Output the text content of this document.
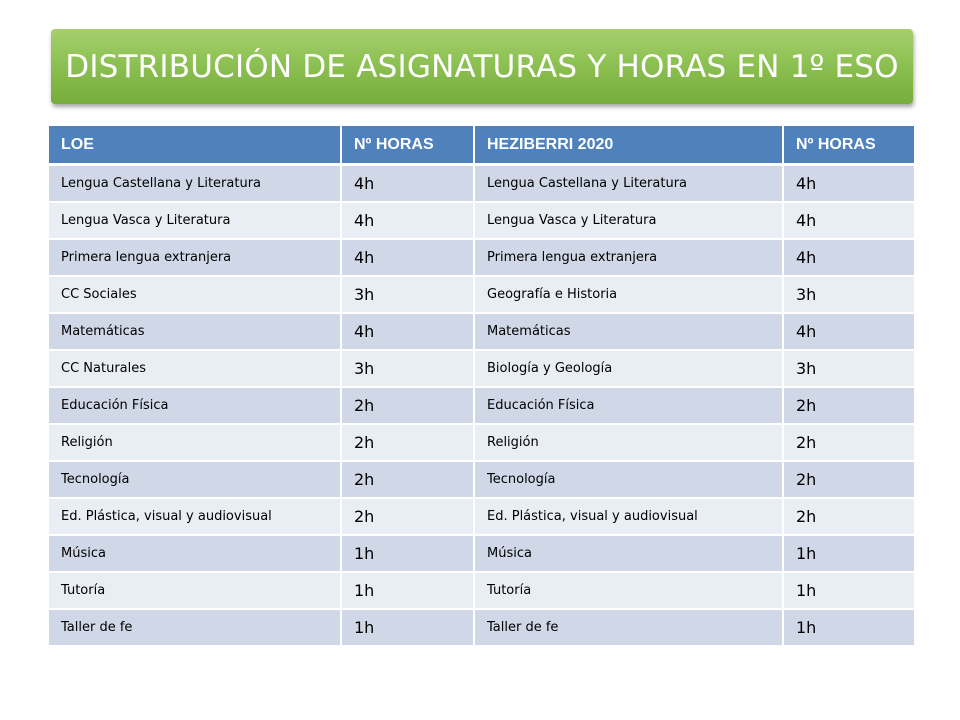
DISTRIBUCIÓN DE ASIGNATURAS Y HORAS EN 1º ESO
LOE	Nº HORAS	HEZIBERRI 2020	Nº HORAS
Lengua Castellana y Literatura	4h	Lengua Castellana y Literatura	4h
Lengua Vasca y Literatura	4h	Lengua Vasca y Literatura	4h
Primera lengua extranjera	4h	Primera lengua extranjera	4h
CC Sociales	3h	Geografía e Historia	3h
Matemáticas	4h	Matemáticas	4h
CC Naturales	3h	Biología y Geología	3h
Educación Física	2h	Educación Física	2h
Religión	2h	Religión	2h
Tecnología	2h	Tecnología	2h
Ed. Plástica, visual y audiovisual	2h	Ed. Plástica, visual y audiovisual	2h
Música	1h	Música	1h
Tutoría	1h	Tutoría	1h
Taller de fe	1h	Taller de fe	1h
